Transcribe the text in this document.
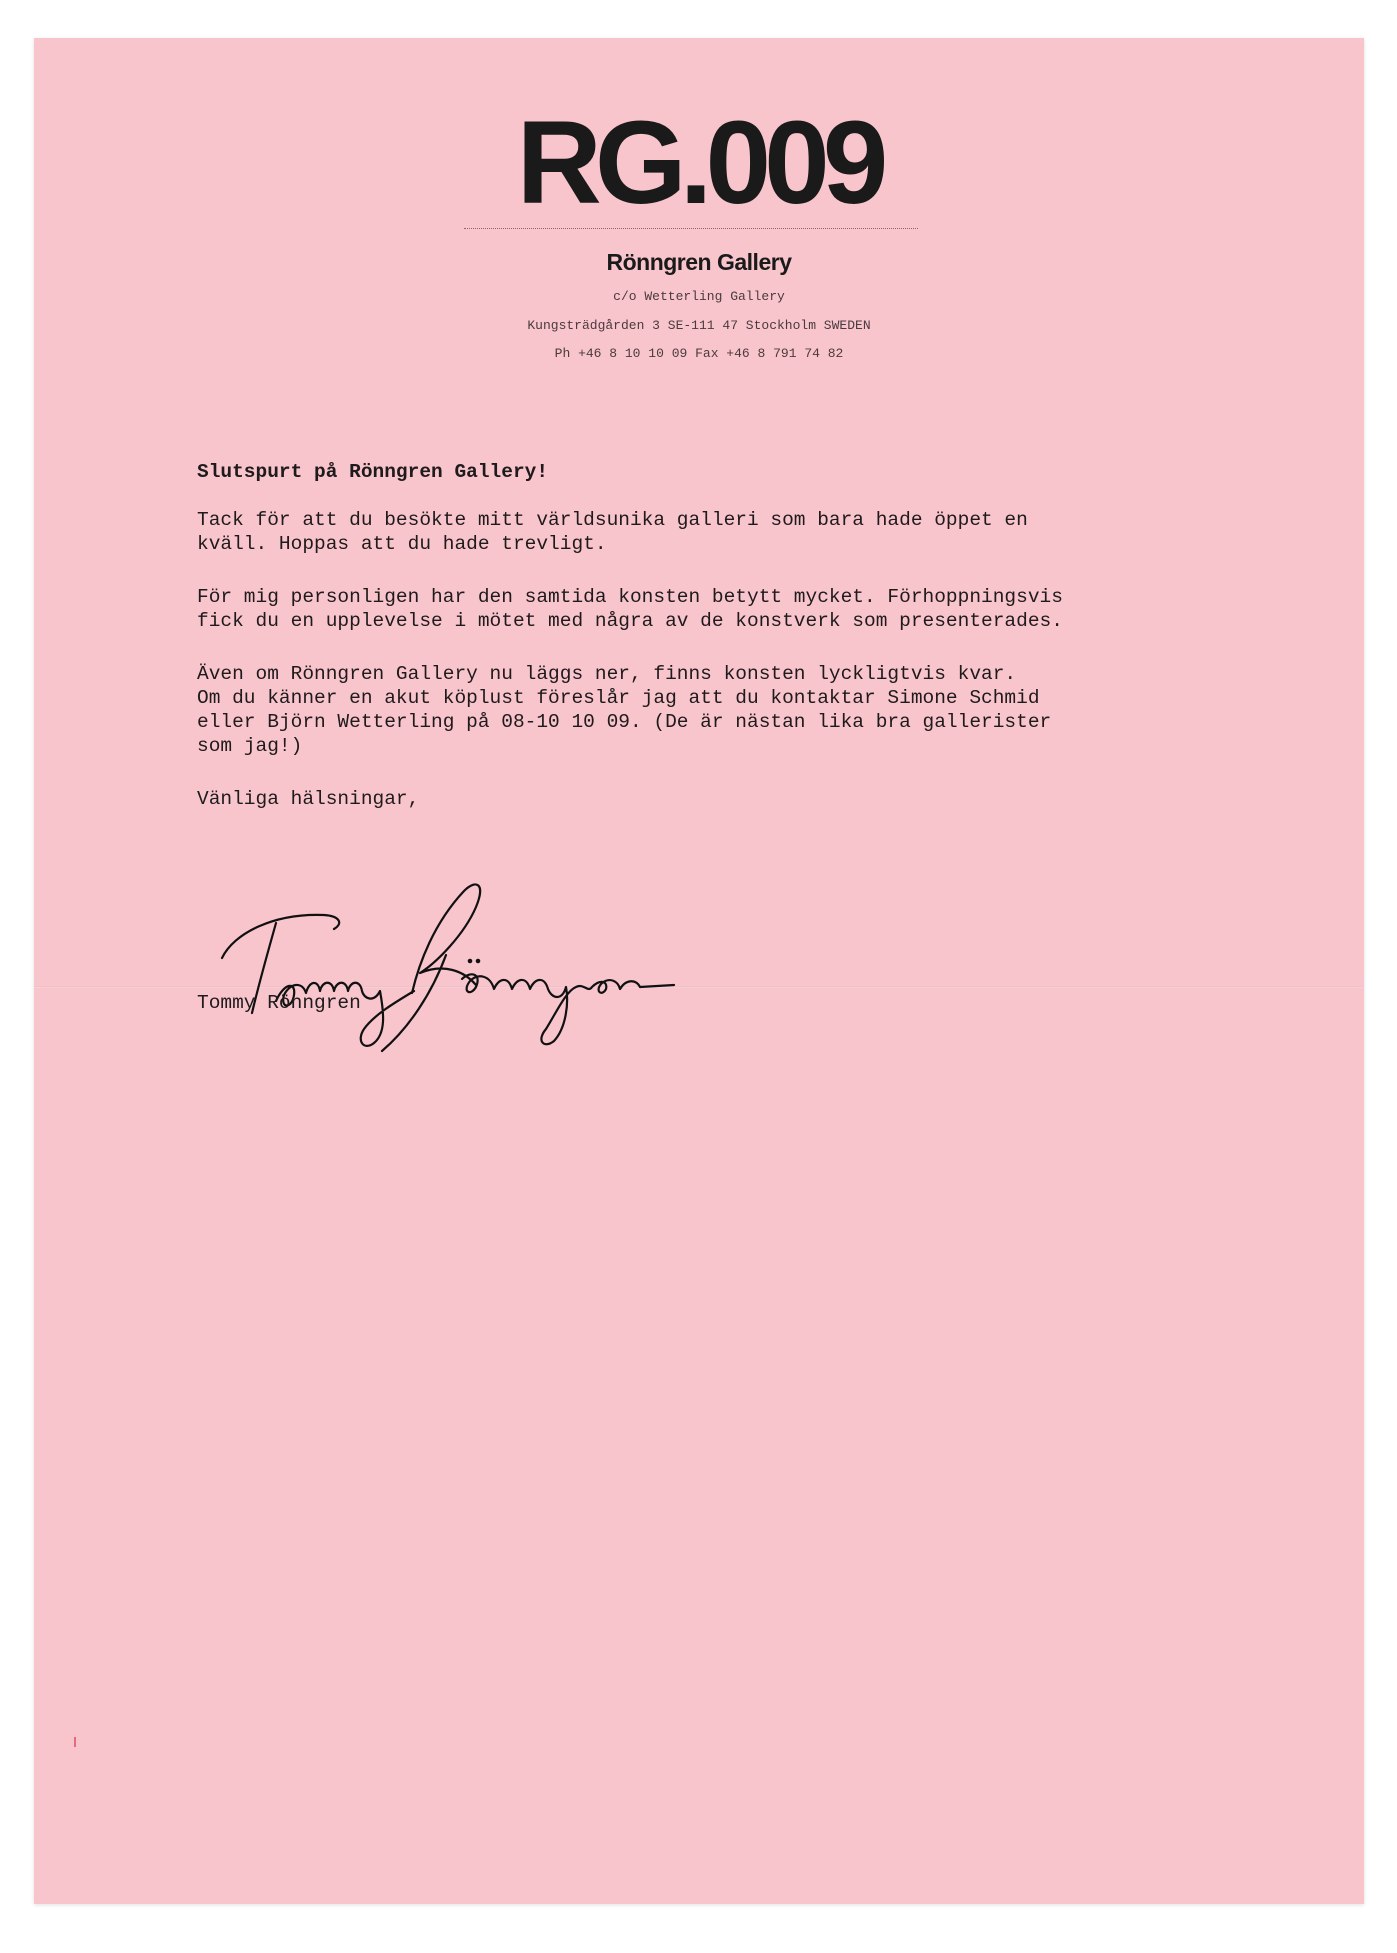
RG.009
Rönngren Gallery
c/o Wetterling Gallery
Kungsträdgården 3 SE-111 47 Stockholm SWEDEN
Ph +46 8 10 10 09 Fax +46 8 791 74 82

Slutspurt på Rönngren Gallery!

Tack för att du besökte mitt världsunika galleri som bara hade öppet en
kväll. Hoppas att du hade trevligt.

För mig personligen har den samtida konsten betytt mycket. Förhoppningsvis
fick du en upplevelse i mötet med några av de konstverk som presenterades.

Även om Rönngren Gallery nu läggs ner, finns konsten lyckligtvis kvar.
Om du känner en akut köplust föreslår jag att du kontaktar Simone Schmid
eller Björn Wetterling på 08-10 10 09. (De är nästan lika bra gallerister
som jag!)

Vänliga hälsningar,

Tommy Rönngren
